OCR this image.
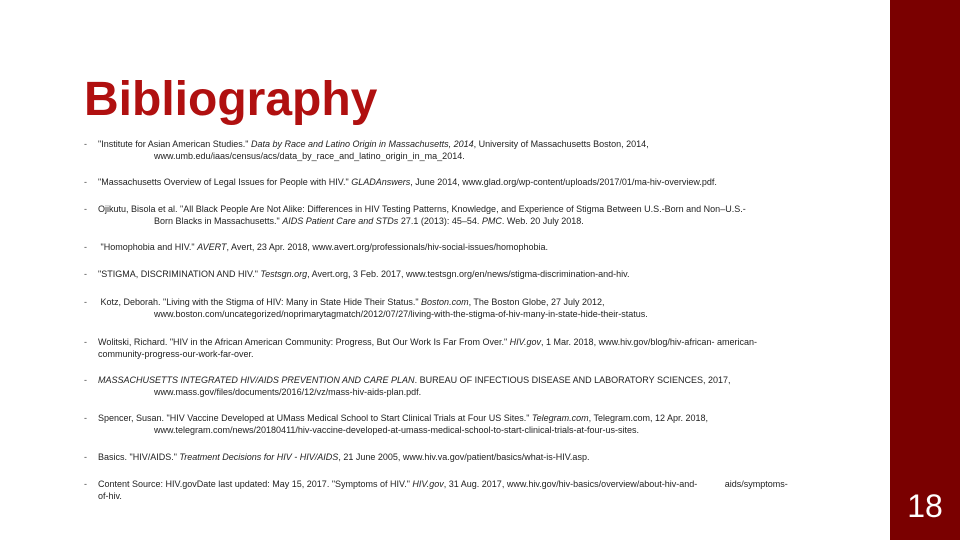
18
Bibliography
-	"Institute for Asian American Studies." Data by Race and Latino Origin in Massachusetts, 2014, University of Massachusetts Boston, 2014,
www.umb.edu/iaas/census/acs/data_by_race_and_latino_origin_in_ma_2014.
-	"Massachusetts Overview of Legal Issues for People with HIV." GLADAnswers, June 2014, www.glad.org/wp-content/uploads/2017/01/ma-hiv-overview.pdf.
-	Ojikutu, Bisola et al. "All Black People Are Not Alike: Differences in HIV Testing Patterns, Knowledge, and Experience of Stigma Between U.S.-Born and Non–U.S.-
Born Blacks in Massachusetts." AIDS Patient Care and STDs 27.1 (2013): 45–54. PMC. Web. 20 July 2018.
-	"Homophobia and HIV." AVERT, Avert, 23 Apr. 2018, www.avert.org/professionals/hiv-social-issues/homophobia.
-	"STIGMA, DISCRIMINATION AND HIV." Testsgn.org, Avert.org, 3 Feb. 2017, www.testsgn.org/en/news/stigma-discrimination-and-hiv.
-	Kotz, Deborah. "Living with the Stigma of HIV: Many in State Hide Their Status." Boston.com, The Boston Globe, 27 July 2012,
www.boston.com/uncategorized/noprimarytagmatch/2012/07/27/living-with-the-stigma-of-hiv-many-in-state-hide-their-status.
-	Wolitski, Richard. "HIV in the African American Community: Progress, But Our Work Is Far From Over." HIV.gov, 1 Mar. 2018, www.hiv.gov/blog/hiv-african- american-
community-progress-our-work-far-over.
-	MASSACHUSETTS INTEGRATED HIV/AIDS PREVENTION AND CARE PLAN. BUREAU OF INFECTIOUS DISEASE AND LABORATORY SCIENCES, 2017,
www.mass.gov/files/documents/2016/12/vz/mass-hiv-aids-plan.pdf.
-	Spencer, Susan. "HIV Vaccine Developed at UMass Medical School to Start Clinical Trials at Four US Sites." Telegram.com, Telegram.com, 12 Apr. 2018,
www.telegram.com/news/20180411/hiv-vaccine-developed-at-umass-medical-school-to-start-clinical-trials-at-four-us-sites.
-	Basics. "HIV/AIDS." Treatment Decisions for HIV - HIV/AIDS, 21 June 2005, www.hiv.va.gov/patient/basics/what-is-HIV.asp.
-	Content Source: HIV.govDate last updated: May 15, 2017. "Symptoms of HIV." HIV.gov, 31 Aug. 2017, www.hiv.gov/hiv-basics/overview/about-hiv-and-           aids/symptoms-
of-hiv.
